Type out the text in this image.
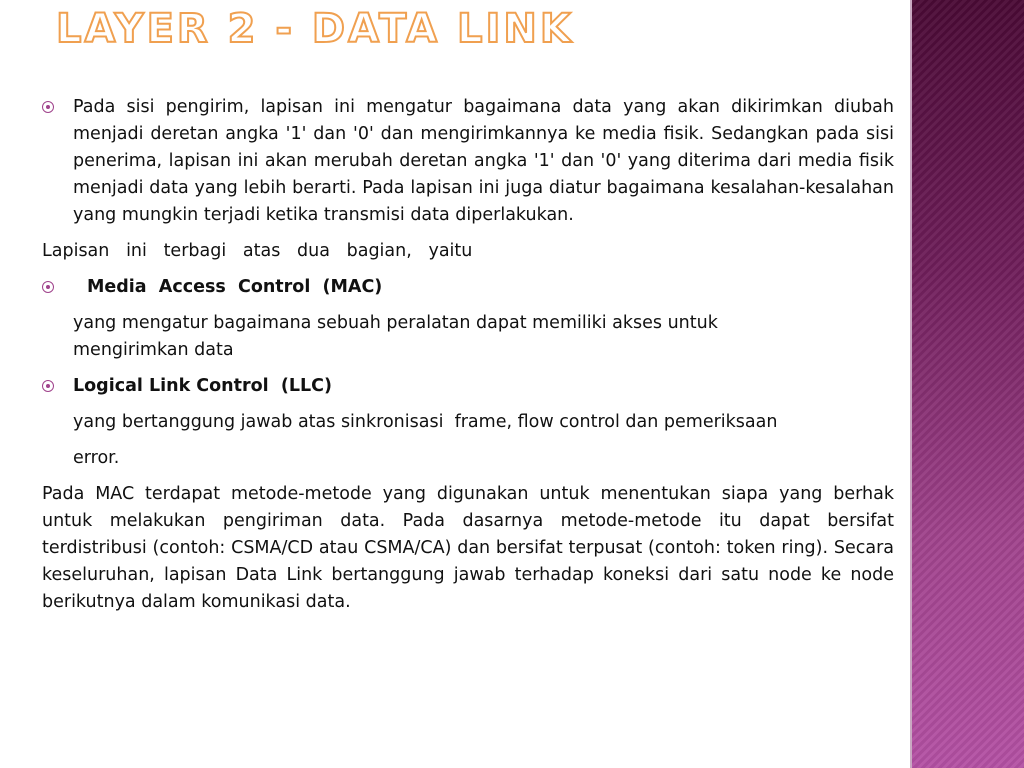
LAYER 2 - DATA LINK

Pada sisi pengirim, lapisan ini mengatur bagaimana data yang akan dikirimkan diubah menjadi deretan angka '1' dan '0' dan mengirimkannya ke media fisik. Sedangkan pada sisi penerima, lapisan ini akan merubah deretan angka '1' dan '0' yang diterima dari media fisik menjadi data yang lebih berarti. Pada lapisan ini juga diatur bagaimana kesalahan-kesalahan yang mungkin terjadi ketika transmisi data diperlakukan.

Lapisan   ini   terbagi   atas   dua   bagian,   yaitu

Media  Access  Control  (MAC)

yang mengatur bagaimana sebuah peralatan dapat memiliki akses untuk mengirimkan data

Logical Link Control  (LLC)

yang bertanggung jawab atas sinkronisasi  frame, flow control dan pemeriksaan

error.

Pada MAC terdapat metode-metode yang digunakan untuk menentukan siapa yang berhak untuk melakukan pengiriman data. Pada dasarnya metode-metode itu dapat bersifat terdistribusi (contoh: CSMA/CD atau CSMA/CA) dan bersifat terpusat (contoh: token ring). Secara keseluruhan, lapisan Data Link bertanggung jawab terhadap koneksi dari satu node ke node berikutnya dalam komunikasi data.
